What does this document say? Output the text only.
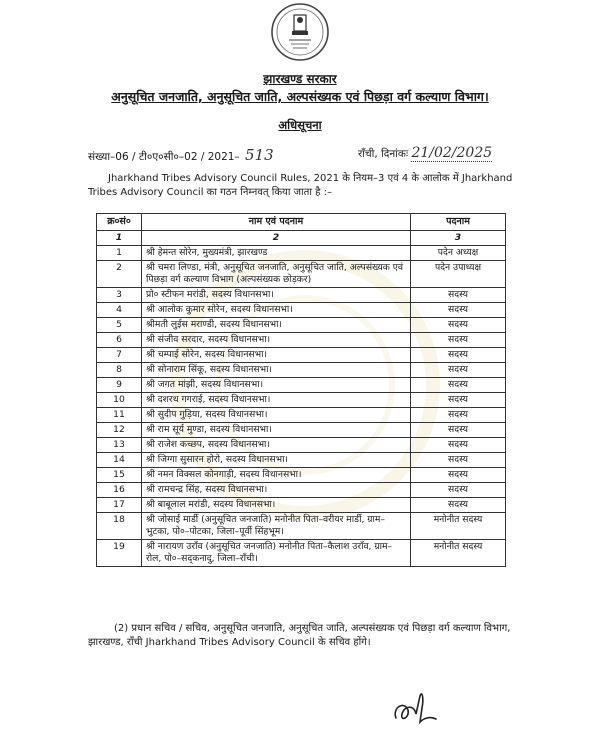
झारखण्ड सरकार
अनुसूचित जनजाति, अनुसूचित जाति, अल्पसंख्यक एवं पिछड़ा वर्ग कल्याण विभाग।
अधिसूचना
संख्या–06 / टी०ए०सी०–02 / 2021– 513	राँची, दिनांकः 21/02/2025
Jharkhand Tribes Advisory Council Rules, 2021 के नियम–3 एवं 4 के आलोक में Jharkhand Tribes Advisory Council का गठन निम्नवत् किया जाता है :–
क्र०सं०	नाम एवं पदनाम	पदनाम
1	2	3
1	श्री हेमन्त सोरेन, मुख्यमंत्री, झारखण्ड	पदेन अध्यक्ष
2	श्री चमरा लिण्डा, मंत्री, अनुसूचित जनजाति, अनुसूचित जाति, अल्पसंख्यक एवं पिछड़ा वर्ग कल्याण विभाग (अल्पसंख्यक छोड़कर)	पदेन उपाध्यक्ष
3	प्रो० स्टीफन मरांडी, सदस्य विधानसभा।	सदस्य
4	श्री आलोक कुमार सोरेन, सदस्य विधानसभा।	सदस्य
5	श्रीमती लुईस मराण्डी, सदस्य विधानसभा।	सदस्य
6	श्री संजीव सरदार, सदस्य विधानसभा।	सदस्य
7	श्री चम्पाई सोरेन, सदस्य विधानसभा।	सदस्य
8	श्री सोनाराम सिंकू, सदस्य विधानसभा।	सदस्य
9	श्री जगत मांझी, सदस्य विधानसभा।	सदस्य
10	श्री दशरथ गगराई, सदस्य विधानसभा।	सदस्य
11	श्री सुदीप गुड़िया, सदस्य विधानसभा।	सदस्य
12	श्री राम सूर्य मुण्डा, सदस्य विधानसभा।	सदस्य
13	श्री राजेश कच्छप, सदस्य विधानसभा।	सदस्य
14	श्री जिग्गा सुसारन होरो, सदस्य विधानसभा।	सदस्य
15	श्री नमन विक्सल कोनगाड़ी, सदस्य विधानसभा।	सदस्य
16	श्री रामचन्द्र सिंह, सदस्य विधानसभा।	सदस्य
17	श्री बाबूलाल मरांडी, सदस्य विधानसभा।	सदस्य
18	श्री जोसाई मार्डी (अनुसूचित जनजाति) मनोनीत पिता–वरीयर मार्डी, ग्राम–भुटका, पो०–पोटका, जिला–पूर्वी सिंहभूम।	मनोनीत सदस्य
19	श्री नारायण उराँव (अनुसूचित जनजाति) मनोनीत पिता–कैलाश उराँव, ग्राम–रोल, पो०–सद्कनादु, जिला–राँची।	मनोनीत सदस्य
(2) प्रधान सचिव / सचिव, अनुसूचित जनजाति, अनुसूचित जाति, अल्पसंख्यक एवं पिछड़ा वर्ग कल्याण विभाग, झारखण्ड, राँची Jharkhand Tribes Advisory Council के सचिव होंगे।
